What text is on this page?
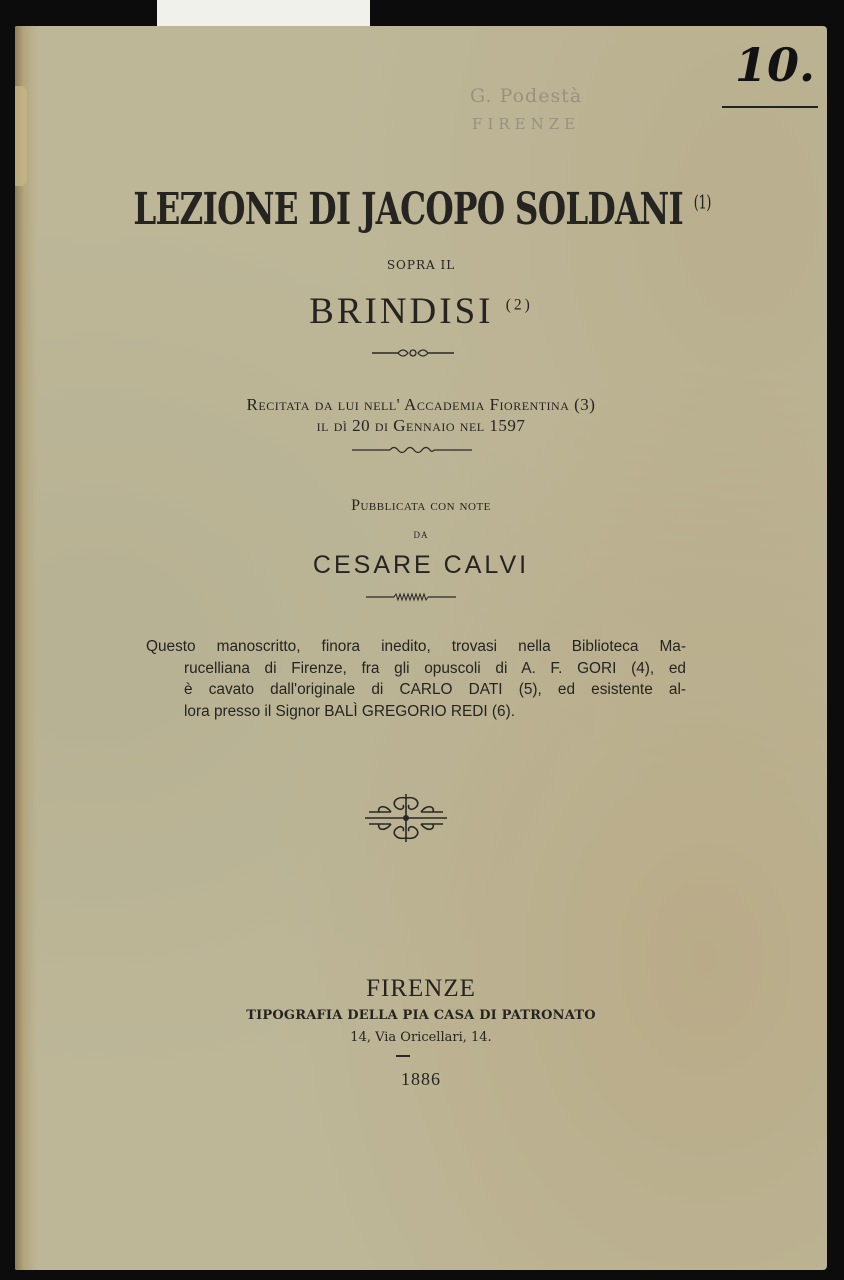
G. Podestà
FIRENZE
10.
LEZIONE DI JACOPO SOLDANI $^{(1)}$
SOPRA IL
BRINDISI $^{(2)}$
Recitata da lui nell' Accademia Fiorentina (3)
il dì 20 di Gennaio nel 1597
Pubblicata con note
DA
CESARE CALVI
Questo manoscritto, finora inedito, trovasi nella Biblioteca Ma-
rucelliana di Firenze, fra gli opuscoli di A. F. GORI (4), ed
è cavato dall'originale di CARLO DATI (5), ed esistente al-
lora presso il Signor BALÌ GREGORIO REDI (6).
FIRENZE
TIPOGRAFIA DELLA PIA CASA DI PATRONATO
14, Via Oricellari, 14.
1886
